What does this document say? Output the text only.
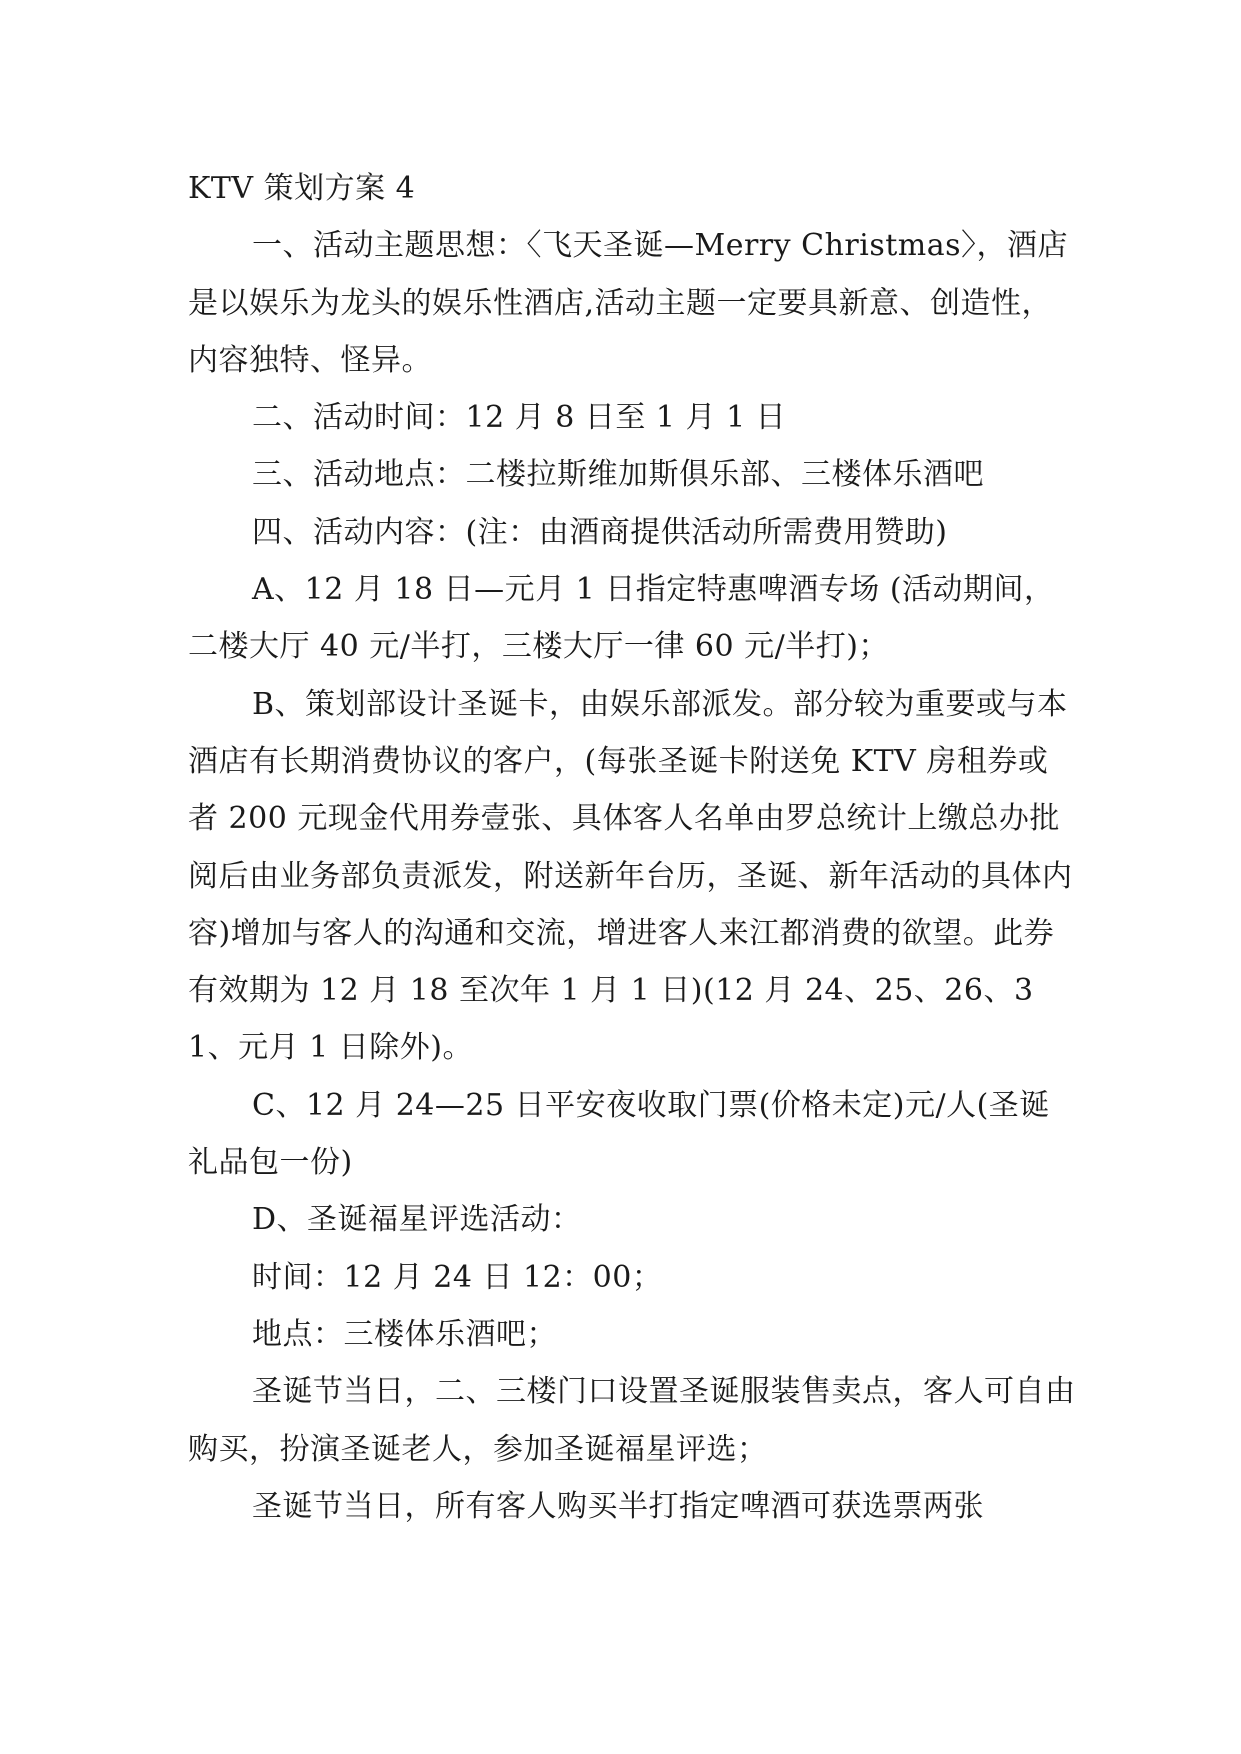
KTV 策划方案 4

一、活动主题思想：〈飞天圣诞—Merry Christmas〉，酒店是以娱乐为龙头的娱乐性酒店,活动主题一定要具新意、创造性，内容独特、怪异。

二、活动时间：12 月 8 日至 1 月 1 日

三、活动地点：二楼拉斯维加斯俱乐部、三楼体乐酒吧

四、活动内容：(注：由酒商提供活动所需费用赞助)

A、12 月 18 日—元月 1 日指定特惠啤酒专场 (活动期间，二楼大厅 40 元/半打，三楼大厅一律 60 元/半打)；

B、策划部设计圣诞卡，由娱乐部派发。部分较为重要或与本酒店有长期消费协议的客户，(每张圣诞卡附送免 KTV 房租券或者 200 元现金代用券壹张、具体客人名单由罗总统计上缴总办批阅后由业务部负责派发，附送新年台历，圣诞、新年活动的具体内容)增加与客人的沟通和交流，增进客人来江都消费的欲望。此券有效期为 12 月 18 至次年 1 月 1 日)(12 月 24、25、26、31、元月 1 日除外)。

C、12 月 24—25 日平安夜收取门票(价格未定)元/人(圣诞礼品包一份)

D、圣诞福星评选活动：

时间：12 月 24 日 12：00；

地点：三楼体乐酒吧；

圣诞节当日，二、三楼门口设置圣诞服装售卖点，客人可自由购买，扮演圣诞老人，参加圣诞福星评选；

圣诞节当日，所有客人购买半打指定啤酒可获选票两张
